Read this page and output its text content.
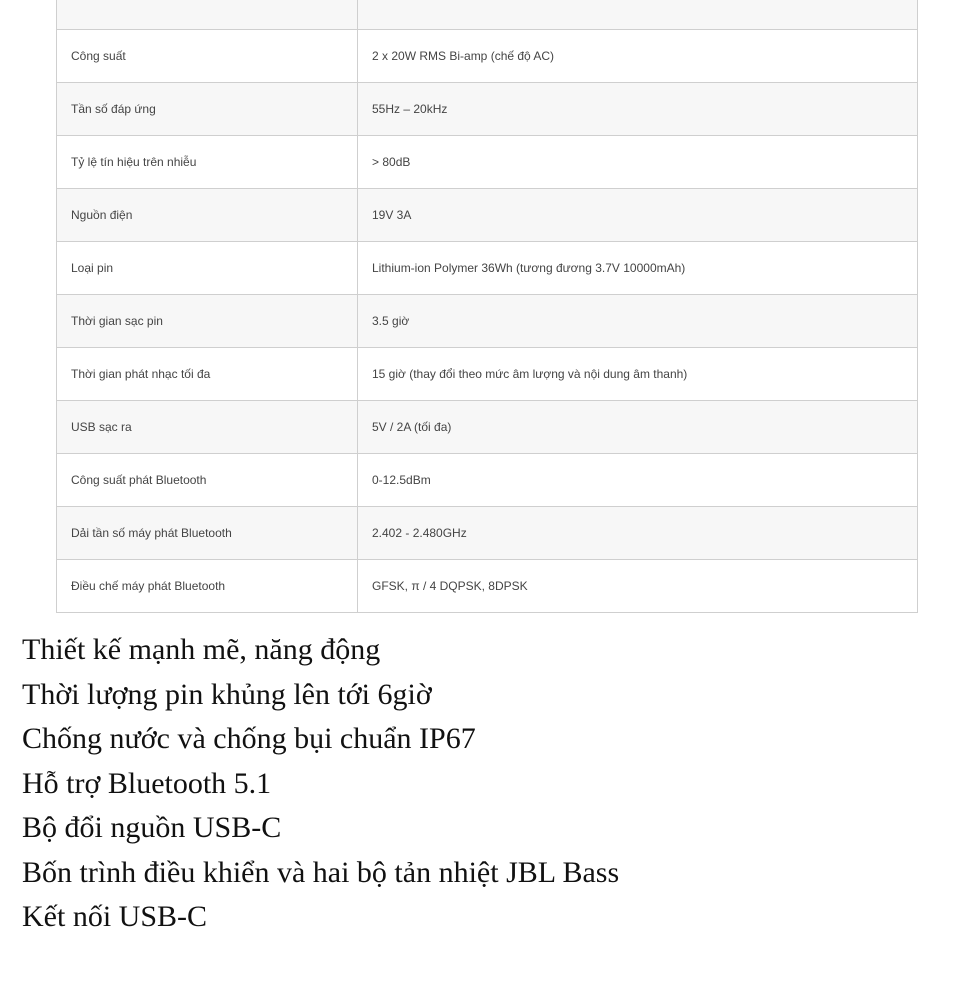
Công suất	2 x 20W RMS Bi-amp (chế độ AC)
Tần số đáp ứng	55Hz – 20kHz
Tỷ lệ tín hiệu trên nhiễu	> 80dB
Nguồn điện	19V 3A
Loại pin	Lithium-ion Polymer 36Wh (tương đương 3.7V 10000mAh)
Thời gian sạc pin	3.5 giờ
Thời gian phát nhạc tối đa	15 giờ (thay đổi theo mức âm lượng và nội dung âm thanh)
USB sạc ra	5V / 2A (tối đa)
Công suất phát Bluetooth	0-12.5dBm
Dải tần số máy phát Bluetooth	2.402 - 2.480GHz
Điều chế máy phát Bluetooth	GFSK, π / 4 DQPSK, 8DPSK
Thiết kế mạnh mẽ, năng động
Thời lượng pin khủng lên tới 6giờ
Chống nước và chống bụi chuẩn IP67
Hỗ trợ Bluetooth 5.1
Bộ đổi nguồn USB-C
Bốn trình điều khiển và hai bộ tản nhiệt JBL Bass
Kết nối USB-C
